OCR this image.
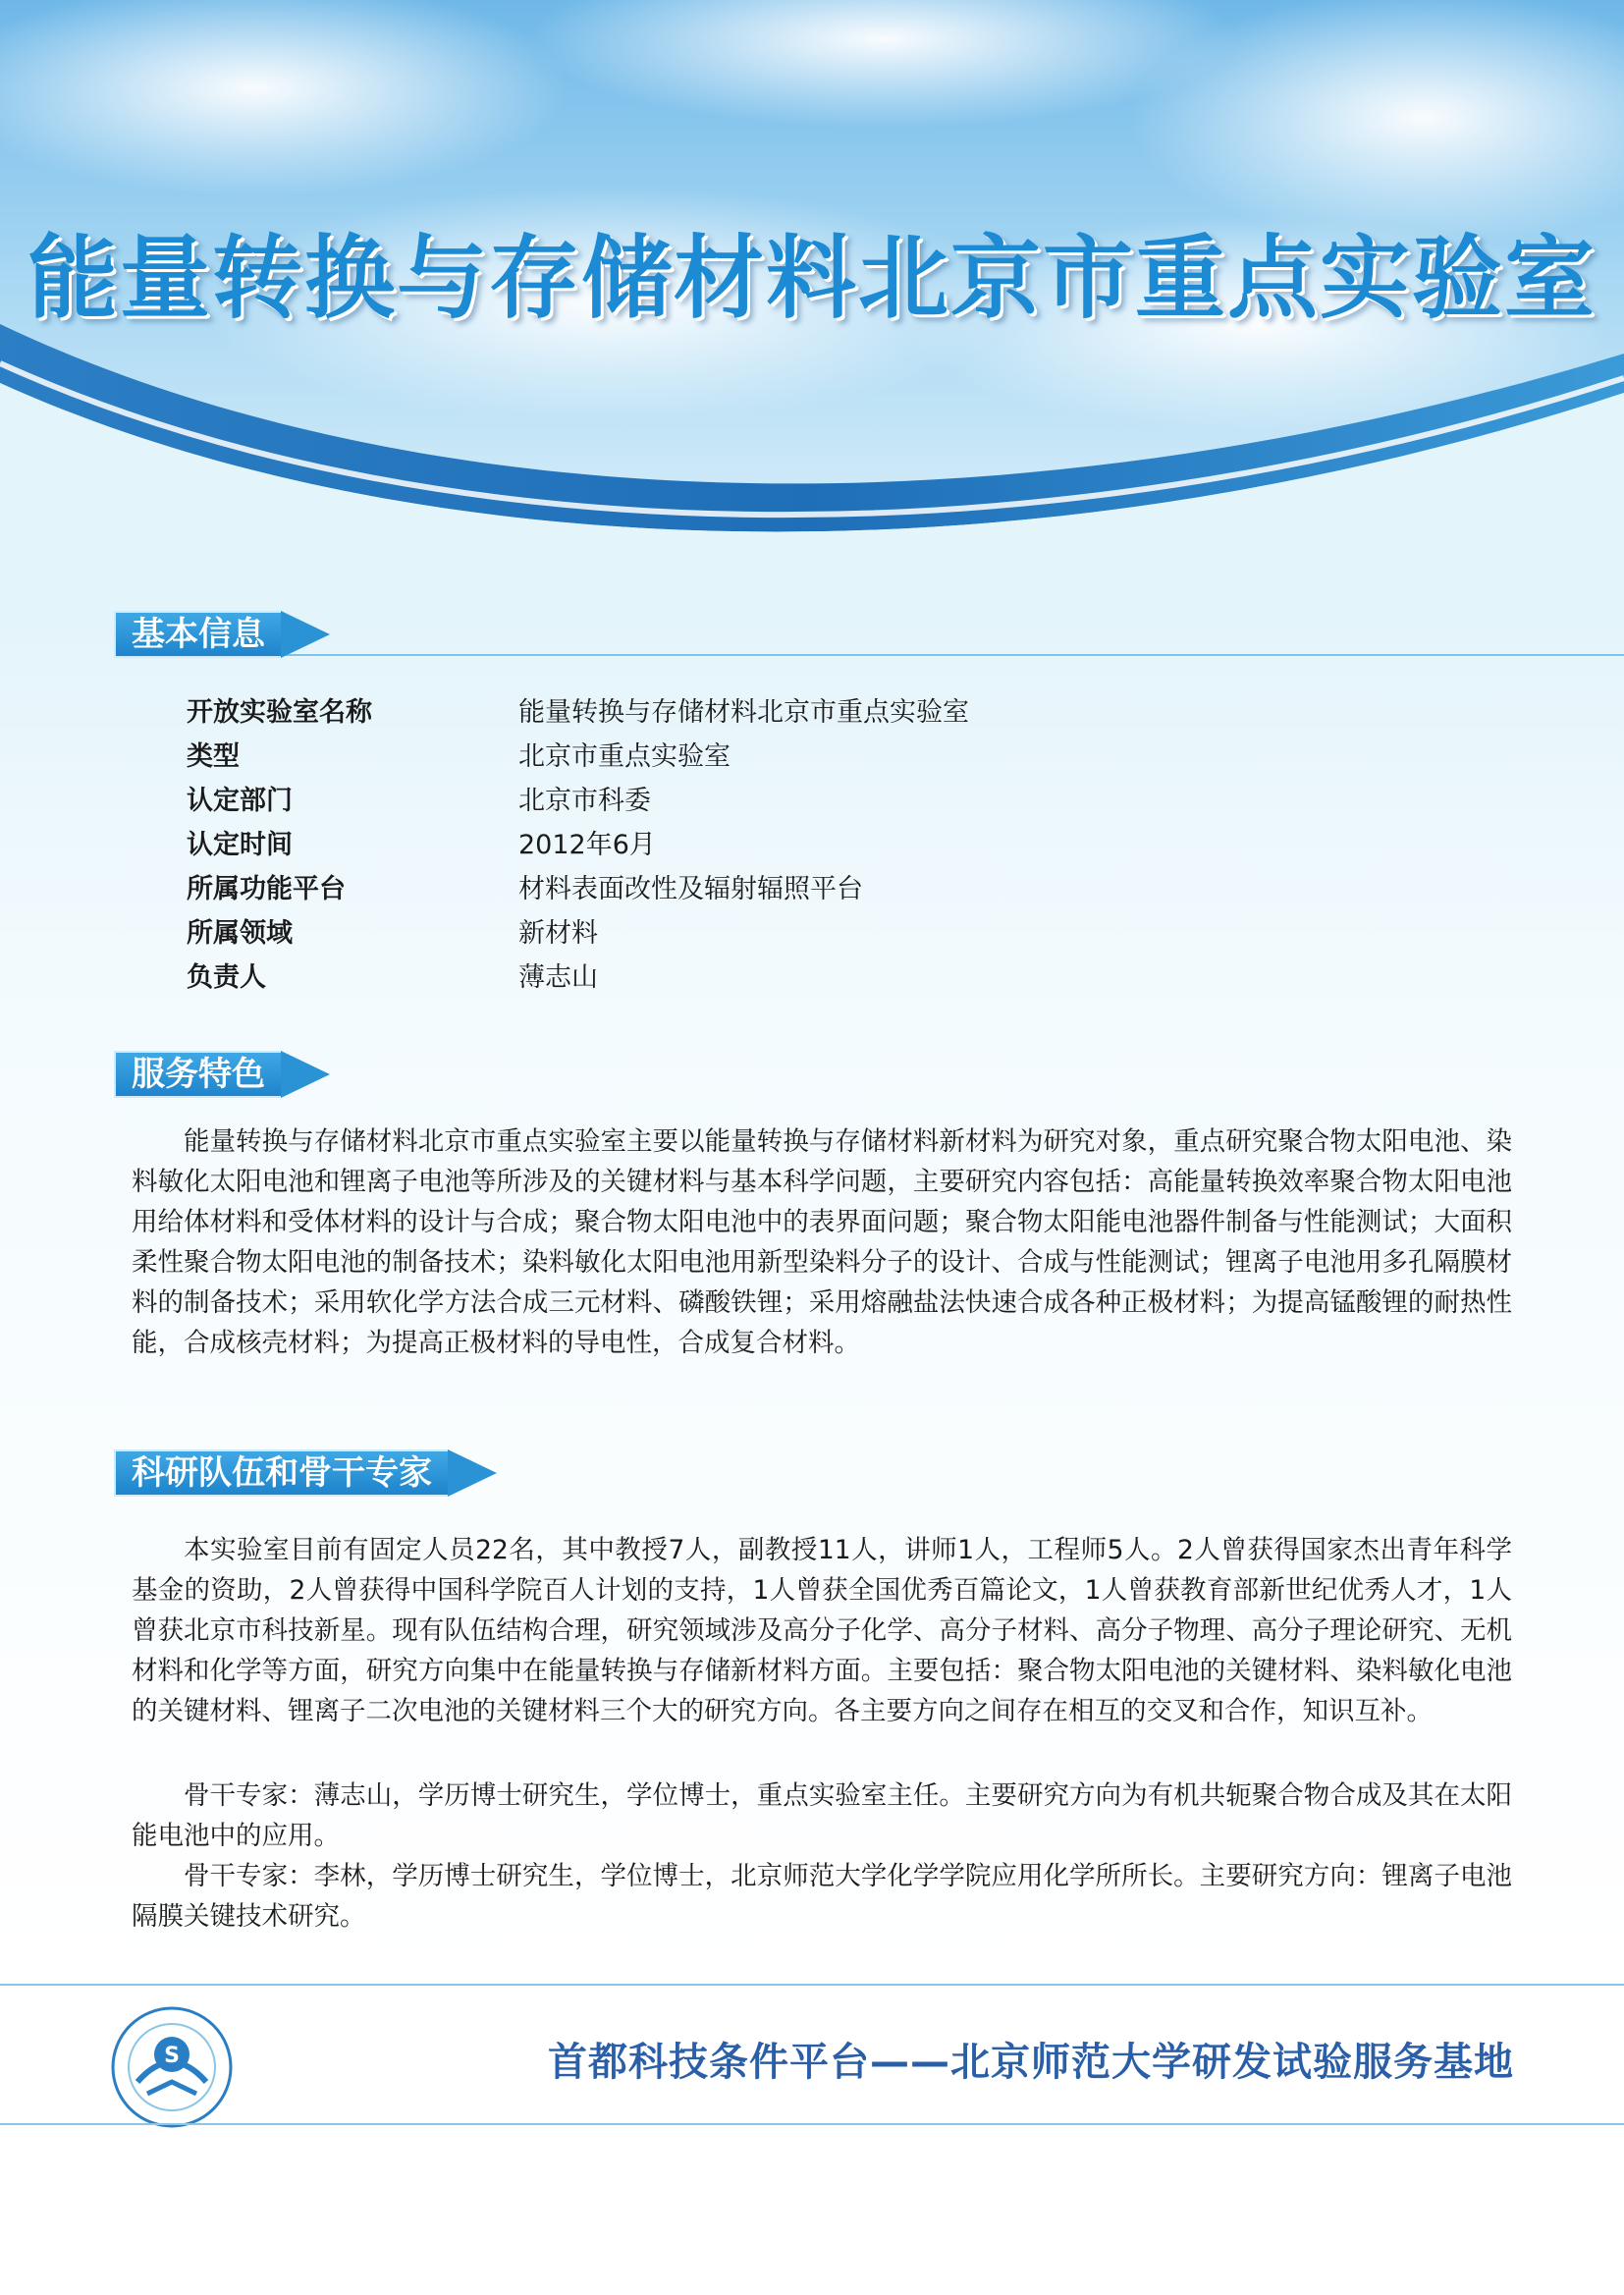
能量转换与存储材料北京市重点实验室
基本信息
开放实验室名称	能量转换与存储材料北京市重点实验室
类型	北京市重点实验室
认定部门	北京市科委
认定时间	2012年6月
所属功能平台	材料表面改性及辐射辐照平台
所属领域	新材料
负责人	薄志山
服务特色

能量转换与存储材料北京市重点实验室主要以能量转换与存储材料新材料为研究对象，重点研究聚合物太阳电池、染料敏化太阳电池和锂离子电池等所涉及的关键材料与基本科学问题，主要研究内容包括：高能量转换效率聚合物太阳电池用给体材料和受体材料的设计与合成；聚合物太阳电池中的表界面问题；聚合物太阳能电池器件制备与性能测试；大面积柔性聚合物太阳电池的制备技术；染料敏化太阳电池用新型染料分子的设计、合成与性能测试；锂离子电池用多孔隔膜材料的制备技术；采用软化学方法合成三元材料、磷酸铁锂；采用熔融盐法快速合成各种正极材料；为提高锰酸锂的耐热性能，合成核壳材料；为提高正极材料的导电性，合成复合材料。

科研队伍和骨干专家

本实验室目前有固定人员22名，其中教授7人，副教授11人，讲师1人，工程师5人。2人曾获得国家杰出青年科学基金的资助，2人曾获得中国科学院百人计划的支持，1人曾获全国优秀百篇论文，1人曾获教育部新世纪优秀人才，1人曾获北京市科技新星。现有队伍结构合理，研究领域涉及高分子化学、高分子材料、高分子物理、高分子理论研究、无机材料和化学等方面，研究方向集中在能量转换与存储新材料方面。主要包括：聚合物太阳电池的关键材料、染料敏化电池的关键材料、锂离子二次电池的关键材料三个大的研究方向。各主要方向之间存在相互的交叉和合作，知识互补。

骨干专家：薄志山，学历博士研究生，学位博士，重点实验室主任。主要研究方向为有机共轭聚合物合成及其在太阳能电池中的应用。

骨干专家：李林，学历博士研究生，学位博士，北京师范大学化学学院应用化学所所长。主要研究方向：锂离子电池隔膜关键技术研究。

S	首都科技条件平台——北京师范大学研发试验服务基地
